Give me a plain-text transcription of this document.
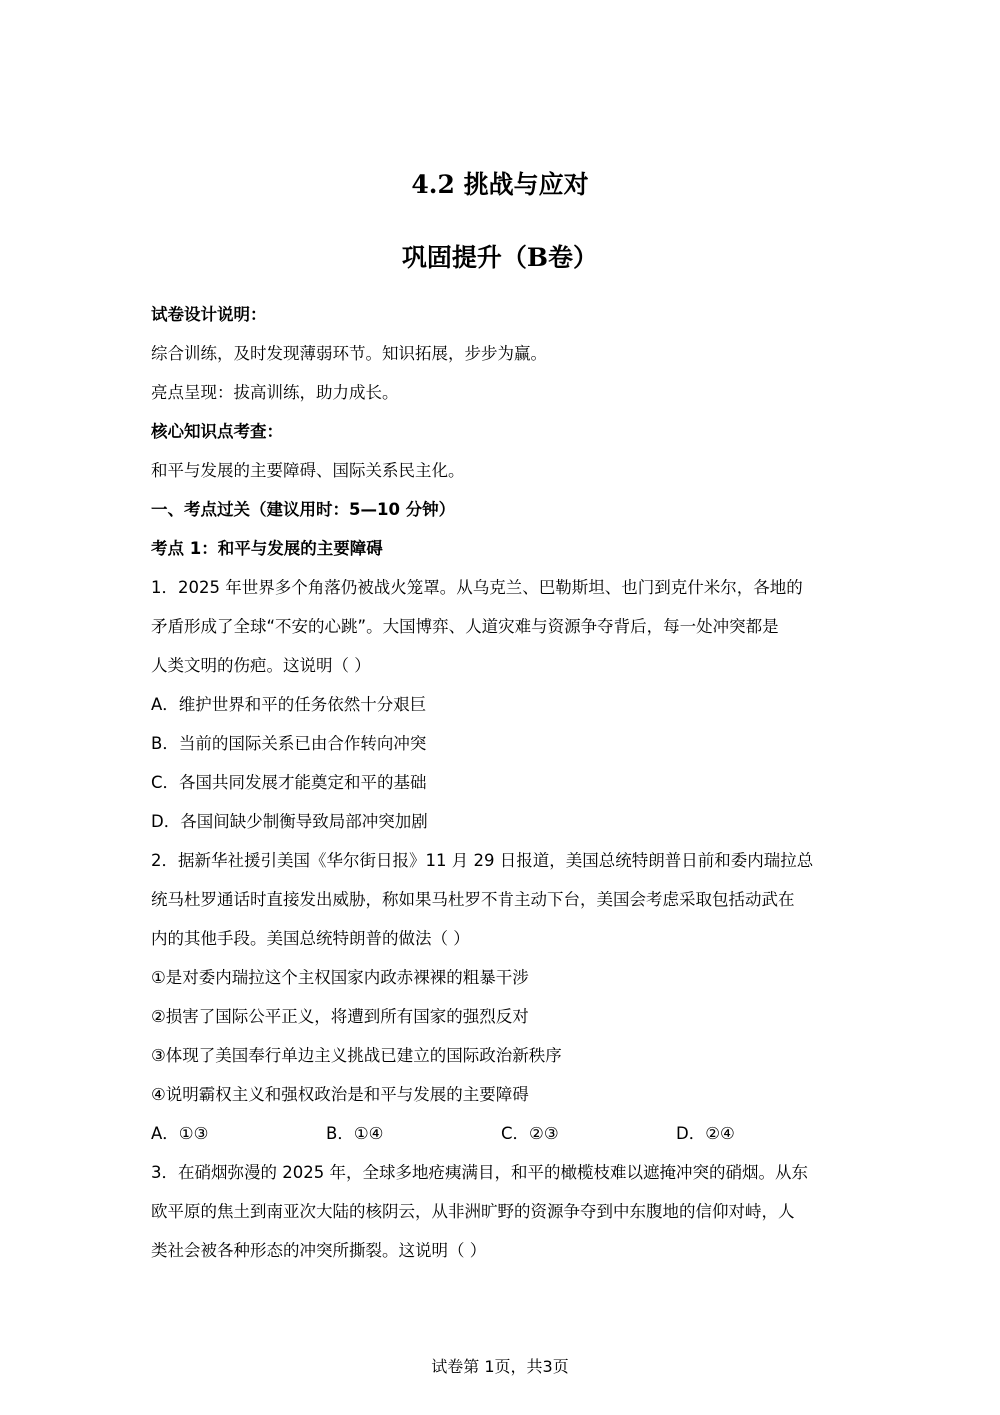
4.2 挑战与应对
巩固提升（B卷）
试卷设计说明：
综合训练，及时发现薄弱环节。知识拓展，步步为赢。
亮点呈现：拔高训练，助力成长。
核心知识点考查：
和平与发展的主要障碍、国际关系民主化。
一、考点过关（建议用时：5—10 分钟）
考点 1：和平与发展的主要障碍
1．2025 年世界多个角落仍被战火笼罩。从乌克兰、巴勒斯坦、也门到克什米尔，各地的
矛盾形成了全球“不安的心跳”。大国博弈、人道灾难与资源争夺背后，每一处冲突都是
人类文明的伤疤。这说明（ ）
A．维护世界和平的任务依然十分艰巨
B．当前的国际关系已由合作转向冲突
C．各国共同发展才能奠定和平的基础
D．各国间缺少制衡导致局部冲突加剧
2．据新华社援引美国《华尔街日报》11 月 29 日报道，美国总统特朗普日前和委内瑞拉总
统马杜罗通话时直接发出威胁，称如果马杜罗不肯主动下台，美国会考虑采取包括动武在
内的其他手段。美国总统特朗普的做法（ ）
①是对委内瑞拉这个主权国家内政赤裸裸的粗暴干涉
②损害了国际公平正义，将遭到所有国家的强烈反对
③体现了美国奉行单边主义挑战已建立的国际政治新秩序
④说明霸权主义和强权政治是和平与发展的主要障碍
A．①③	B．①④	C．②③	D．②④
3．在硝烟弥漫的 2025 年，全球多地疮痍满目，和平的橄榄枝难以遮掩冲突的硝烟。从东
欧平原的焦土到南亚次大陆的核阴云，从非洲旷野的资源争夺到中东腹地的信仰对峙，人
类社会被各种形态的冲突所撕裂。这说明（ ）
试卷第 1页，共3页
